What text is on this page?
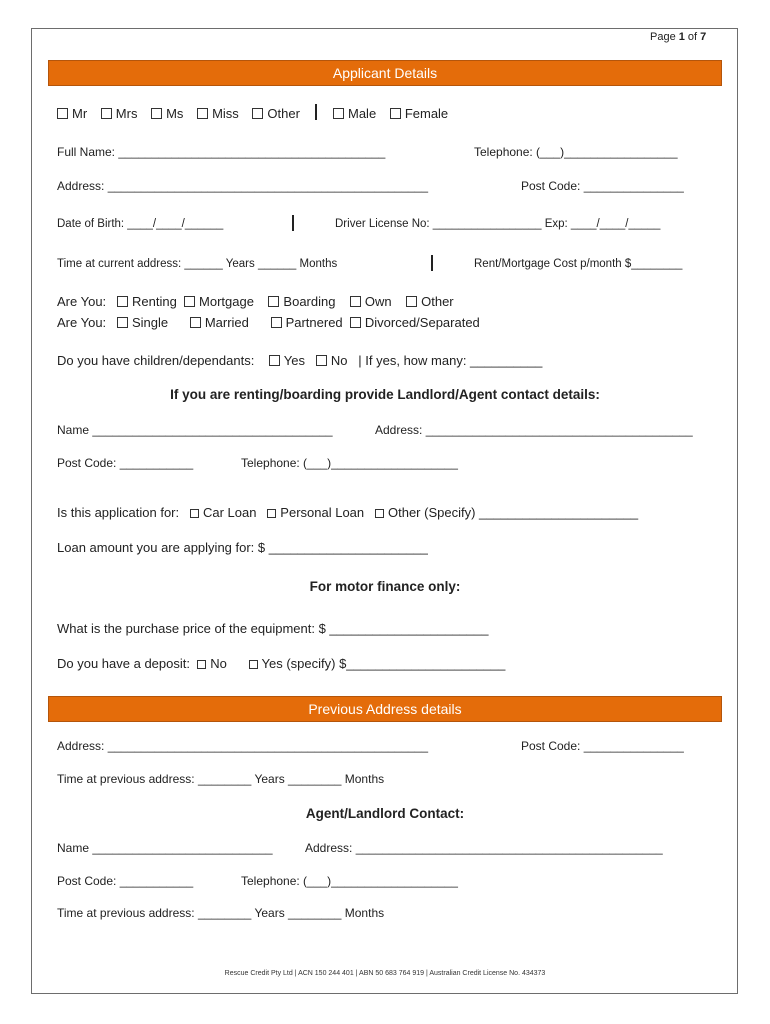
Page 1 of 7
Applicant Details
Mr Mrs Ms Miss Other	Male Female
Full Name: ________________________________________	Telephone: (___)_________________
Address: ________________________________________________	Post Code: _______________
Date of Birth: ____/____/______	Driver License No: _________________ Exp: ____/____/_____
Time at current address: ______ Years ______ Months	Rent/Mortgage Cost p/month $________
Are You: Renting Mortgage Boarding Own Other
Are You: Single	Married	Partnered Divorced/Separated
Do you have children/dependants: Yes No | If yes, how many: __________
If you are renting/boarding provide Landlord/Agent contact details:
Name ____________________________________	Address: ________________________________________
Post Code: ___________	Telephone: (___)___________________
Is this application for: Car Loan Personal Loan Other (Specify) ______________________
Loan amount you are applying for: $ ______________________
For motor finance only:
What is the purchase price of the equipment: $ ______________________
Do you have a deposit: No	Yes (specify) $______________________
Previous Address details
Address: ________________________________________________	Post Code: _______________
Time at previous address: ________ Years ________ Months
Agent/Landlord Contact:
Name ___________________________	Address: ______________________________________________
Post Code: ___________	Telephone: (___)___________________
Time at previous address: ________ Years ________ Months
Rescue Credit Pty Ltd | ACN 150 244 401 | ABN 50 683 764 919 | Australian Credit License No. 434373
